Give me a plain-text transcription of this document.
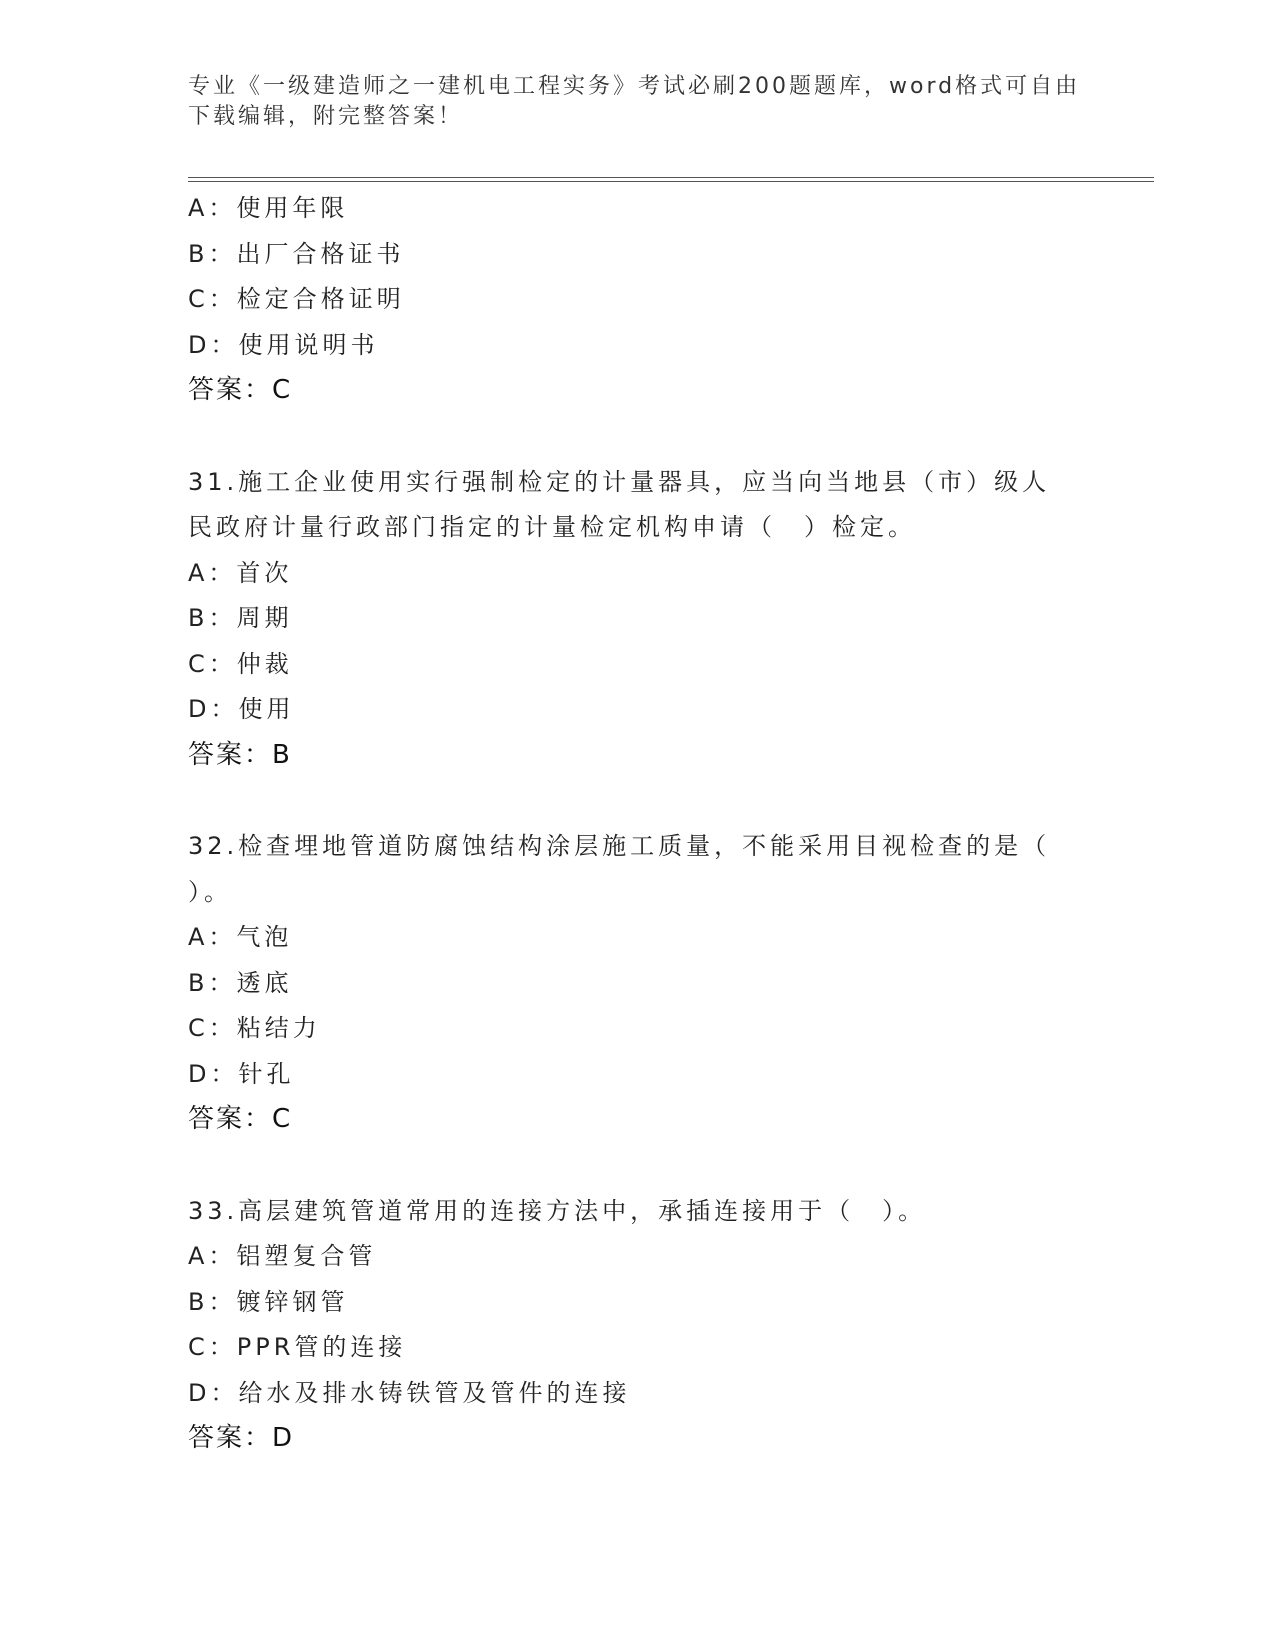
专业《一级建造师之一建机电工程实务》考试必刷200题题库，word格式可自由
下载编辑，附完整答案！
A：使用年限
B：出厂合格证书
C：检定合格证明
D：使用说明书
答案：C
31.施工企业使用实行强制检定的计量器具，应当向当地县（市）级人
民政府计量行政部门指定的计量检定机构申请（　）检定。
A：首次
B：周期
C：仲裁
D：使用
答案：B
32.检查埋地管道防腐蚀结构涂层施工质量，不能采用目视检查的是（
）。
A：气泡
B：透底
C：粘结力
D：针孔
答案：C
33.高层建筑管道常用的连接方法中，承插连接用于（　）。
A：铝塑复合管
B：镀锌钢管
C：PPR管的连接
D：给水及排水铸铁管及管件的连接
答案：D
